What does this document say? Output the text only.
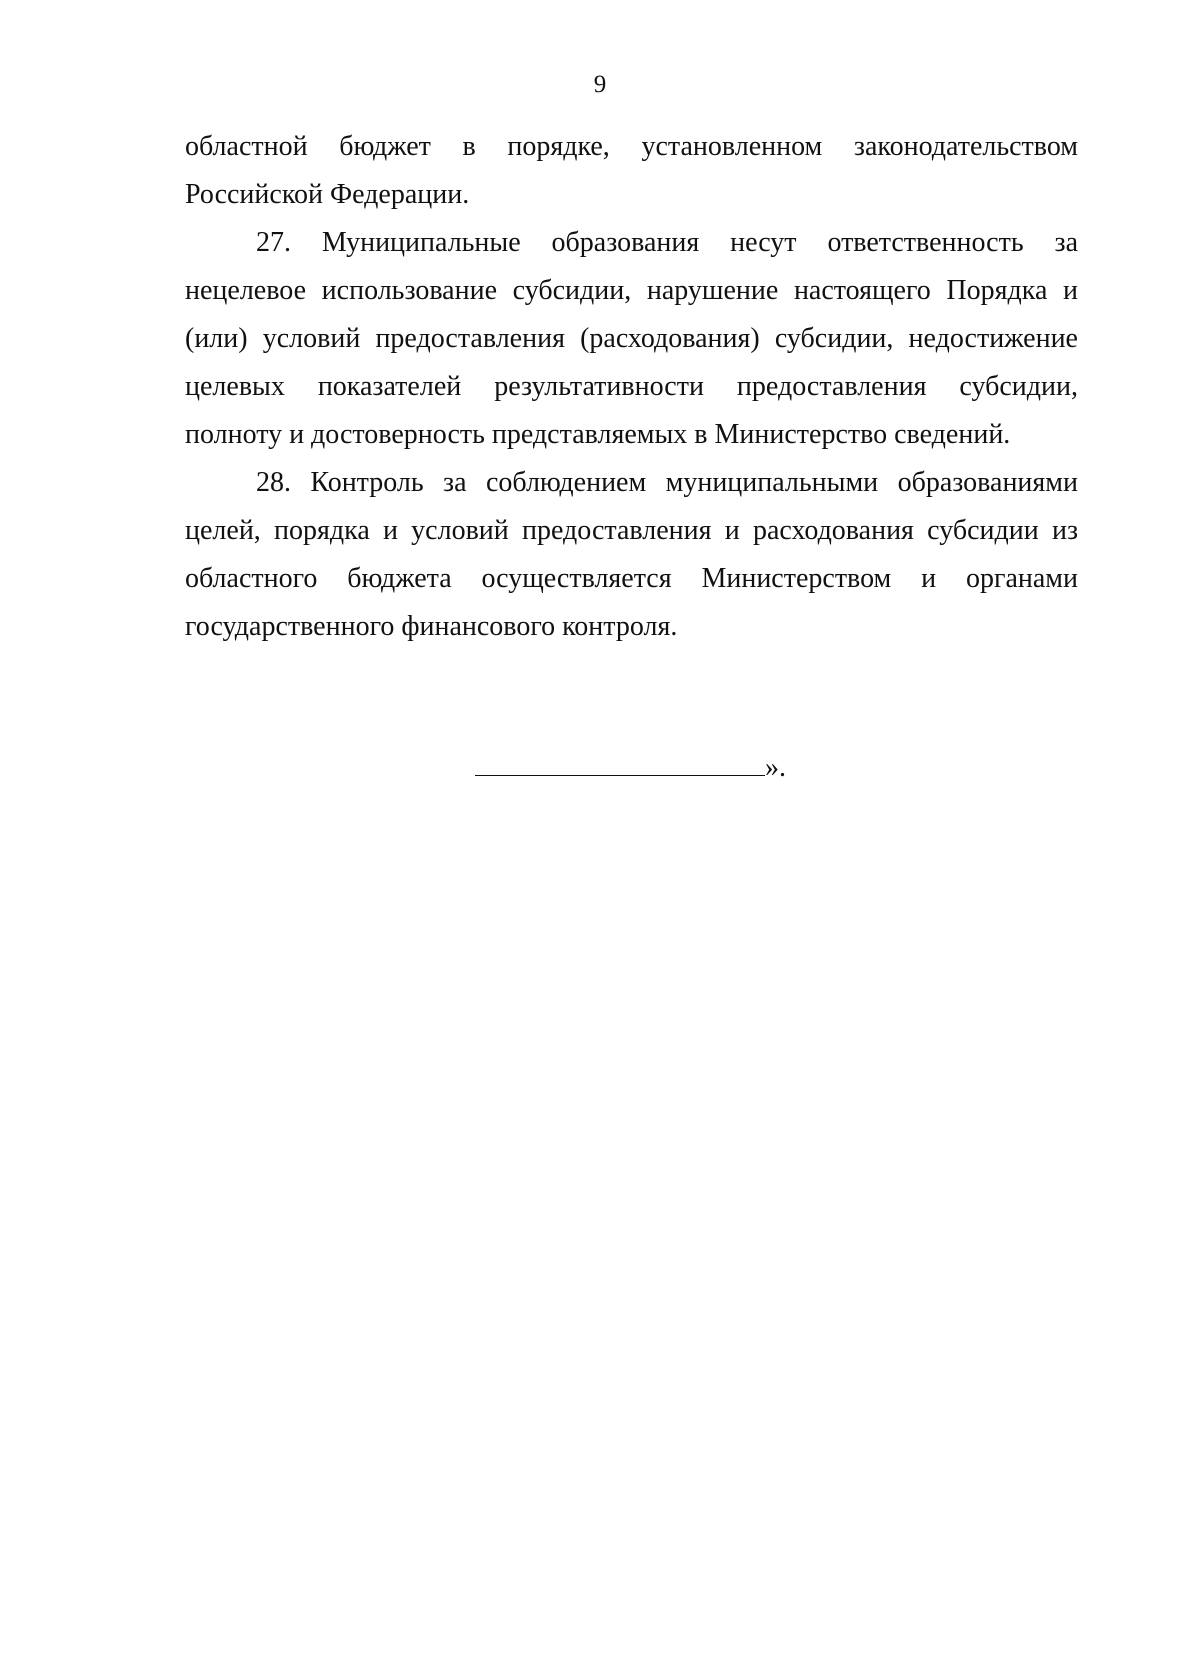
9

областной бюджет в порядке, установленном законодательством Российской Федерации.

27. Муниципальные образования несут ответственность за нецелевое использование субсидии, нарушение настоящего Порядка и (или) условий предоставления (расходования) субсидии, недостижение целевых показателей результативности предоставления субсидии, полноту и достоверность представляемых в Министерство сведений.

28. Контроль за соблюдением муниципальными образованиями целей, порядка и условий предоставления и расходования субсидии из областного бюджета осуществляется Министерством и органами государственного финансового контроля.

».
